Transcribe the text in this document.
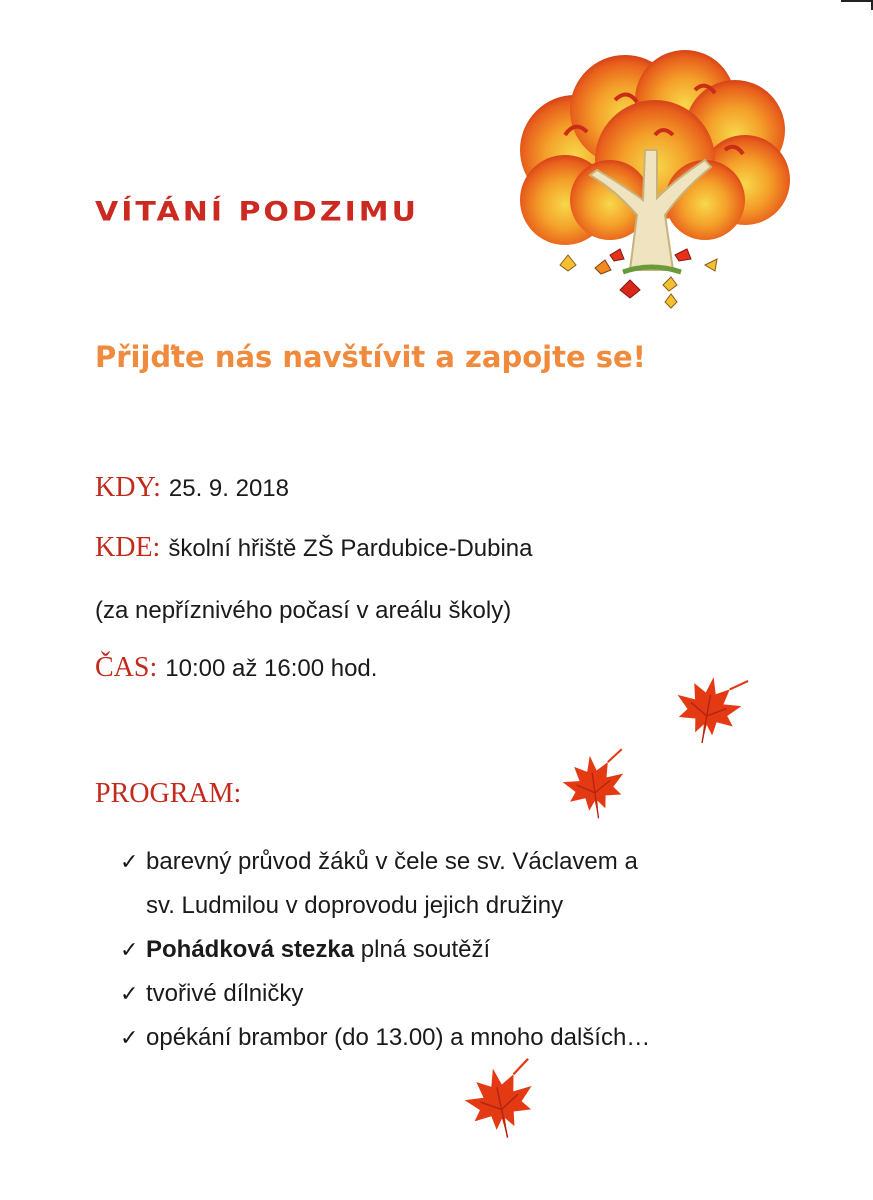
VÍTÁNÍ PODZIMU
Přijďte nás navštívit a zapojte se!
KDY: 25. 9. 2018
KDE: školní hřiště ZŠ Pardubice-Dubina
(za nepříznivého počasí v areálu školy)
ČAS: 10:00 až 16:00 hod.
PROGRAM:
✓ barevný průvod žáků v čele se sv. Václavem a
sv. Ludmilou v doprovodu jejich družiny
✓ Pohádková stezka plná soutěží
✓ tvořivé dílničky
✓ opékání brambor (do 13.00) a mnoho dalších…
